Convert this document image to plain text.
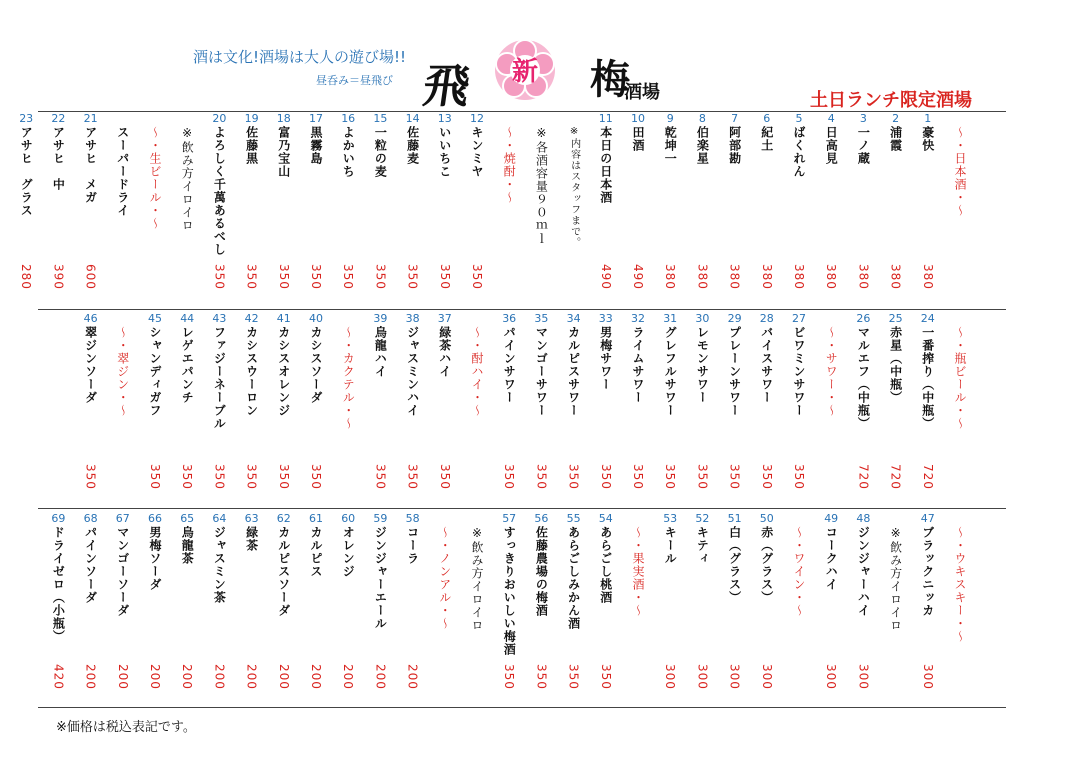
酒は文化!酒場は大人の遊び場!!
昼呑み＝昼飛び 飛	新	梅
酒場	土日ランチ限定酒場
～・日本酒・～
1
豪快
380
2
浦霞
380
3
一ノ蔵
380
4
日高見
380
5
ばくれん
380
6
紀土
380
7
阿部勘
380
8
伯楽星
380
9
乾坤一
380
10
田酒
490
11
本日の日本酒
490
※内容はスタッフまで。
※各酒容量９０ｍｌ
～・焼酎・～
12
キンミヤ
350
13
いいちこ
350
14
佐藤麦
350
15
一粒の麦
350
16
よかいち
350
17
黒霧島
350
18
富乃宝山
350
19
佐藤黒
350
20
よろしく千萬あるべし
350
※飲み方イロイロ
～・生ビール・～
スーパードライ
21
アサヒ　メガ
600
22
アサヒ　中
390
23
アサヒ　グラス
280
～・瓶ビール・～
24
一番搾り（中瓶）
720
25
赤星（中瓶）
720
26
マルエフ（中瓶）
720
～・サワー・～
27
ビワミンサワー
350
28
バイスサワー
350
29
プレーンサワー
350
30
レモンサワー
350
31
グレフルサワー
350
32
ライムサワー
350
33
男梅サワー
350
34
カルピスサワー
350
35
マンゴーサワー
350
36
パインサワー
350
～・酎ハイ・～
37
緑茶ハイ
350
38
ジャスミンハイ
350
39
烏龍ハイ
350
～・カクテル・～
40
カシスソーダ
350
41
カシスオレンジ
350
42
カシスウーロン
350
43
ファジーネーブル
350
44
レゲエパンチ
350
45
シャンディガフ
350
～・翠ジン・～
46
翠ジンソーダ
350
～・ウキスキー・～
47
ブラックニッカ
300
※飲み方イロイロ
48
ジンジャーハイ
300
49
コークハイ
300
～・ワイン・～
50
赤（グラス）
300
51
白（グラス）
300
52
キティ
300
53
キール
300
～・果実酒・～
54
あらごし桃酒
350
55
あらごしみかん酒
350
56
佐藤農場の梅酒
350
57
すっきりおいしい梅酒
350
※飲み方イロイロ
～・ノンアル・～
58
コーラ
200
59
ジンジャーエール
200
60
オレンジ
200
61
カルピス
200
62
カルピスソーダ
200
63
緑茶
200
64
ジャスミン茶
200
65
烏龍茶
200
66
男梅ソーダ
200
67
マンゴーソーダ
200
68
パインソーダ
200
69
ドライゼロ（小瓶）
420
※価格は税込表記です。
